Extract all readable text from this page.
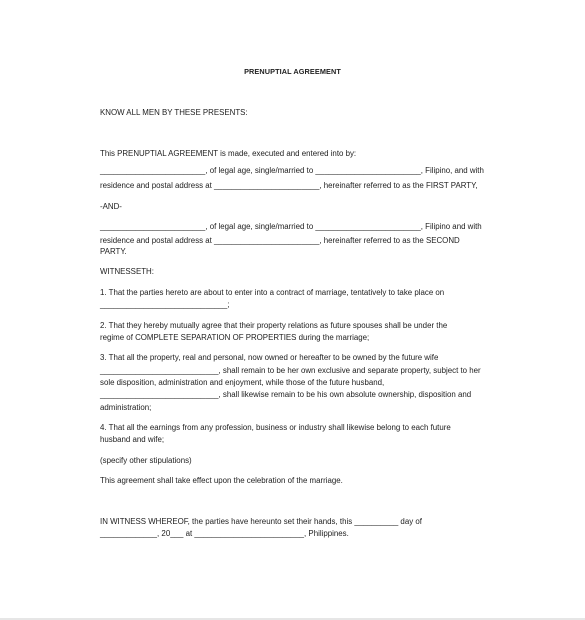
PRENUPTIAL AGREEMENT
KNOW ALL MEN BY THESE PRESENTS:
This PRENUPTIAL AGREEMENT is made, executed and entered into by:
________________________, of legal age, single/married to ________________________, Filipino, and with
residence and postal address at ________________________, hereinafter referred to as the FIRST PARTY,
-AND-
________________________, of legal age, single/married to ________________________, Filipino and with
residence and postal address at ________________________, hereinafter referred to as the SECOND
PARTY.
WITNESSETH:
1. That the parties hereto are about to enter into a contract of marriage, tentatively to take place on
_____________________________;
2. That they hereby mutually agree that their property relations as future spouses shall be under the
regime of COMPLETE SEPARATION OF PROPERTIES during the marriage;
3. That all the property, real and personal, now owned or hereafter to be owned by the future wife
___________________________, shall remain to be her own exclusive and separate property, subject to her
sole disposition, administration and enjoyment, while those of the future husband,
___________________________, shall likewise remain to be his own absolute ownership, disposition and
administration;
4. That all the earnings from any profession, business or industry shall likewise belong to each future
husband and wife;
(specify other stipulations)
This agreement shall take effect upon the celebration of the marriage.
IN WITNESS WHEREOF, the parties have hereunto set their hands, this __________ day of
_____________, 20___ at _________________________, Philippines.
